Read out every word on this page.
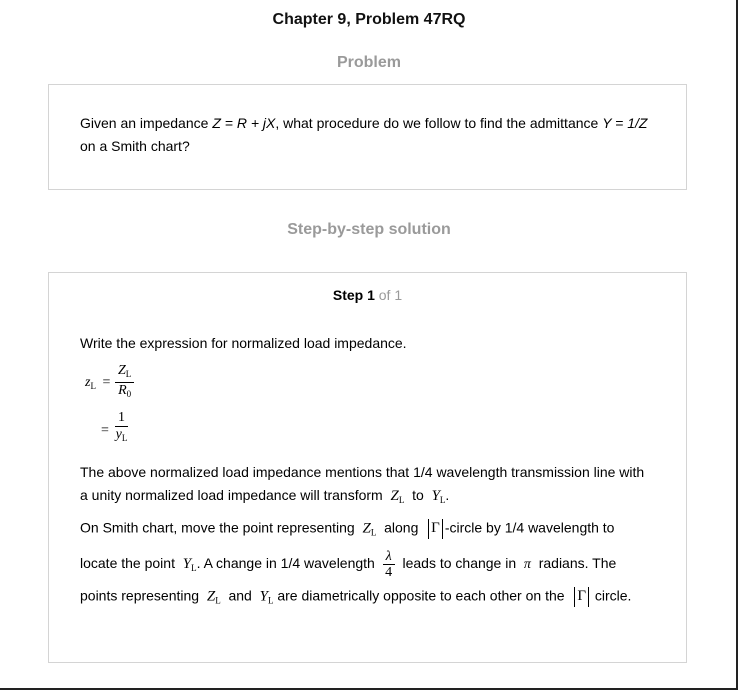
Chapter 9, Problem 47RQ
Problem
Given an impedance Z = R + jX, what procedure do we follow to find the admittance Y = 1/Z
on a Smith chart?
Step-by-step solution
Step 1 of 1
Write the expression for normalized load impedance.
$z_L = \frac{Z_L}{R_0}$
= $\frac{1}{y_L}$
The above normalized load impedance mentions that 1/4 wavelength transmission line with
a unity normalized load impedance will transform $Z_L$ to $Y_L$.
On Smith chart, move the point representing $Z_L$ along Γ -circle by 1/4 wavelength to
locate the point $Y_L$. A change in 1/4 wavelength $\frac{\lambda}{4}$ leads to change in π radians. The
points representing $Z_L$ and $Y_L$ are diametrically opposite to each other on the Γ circle.
